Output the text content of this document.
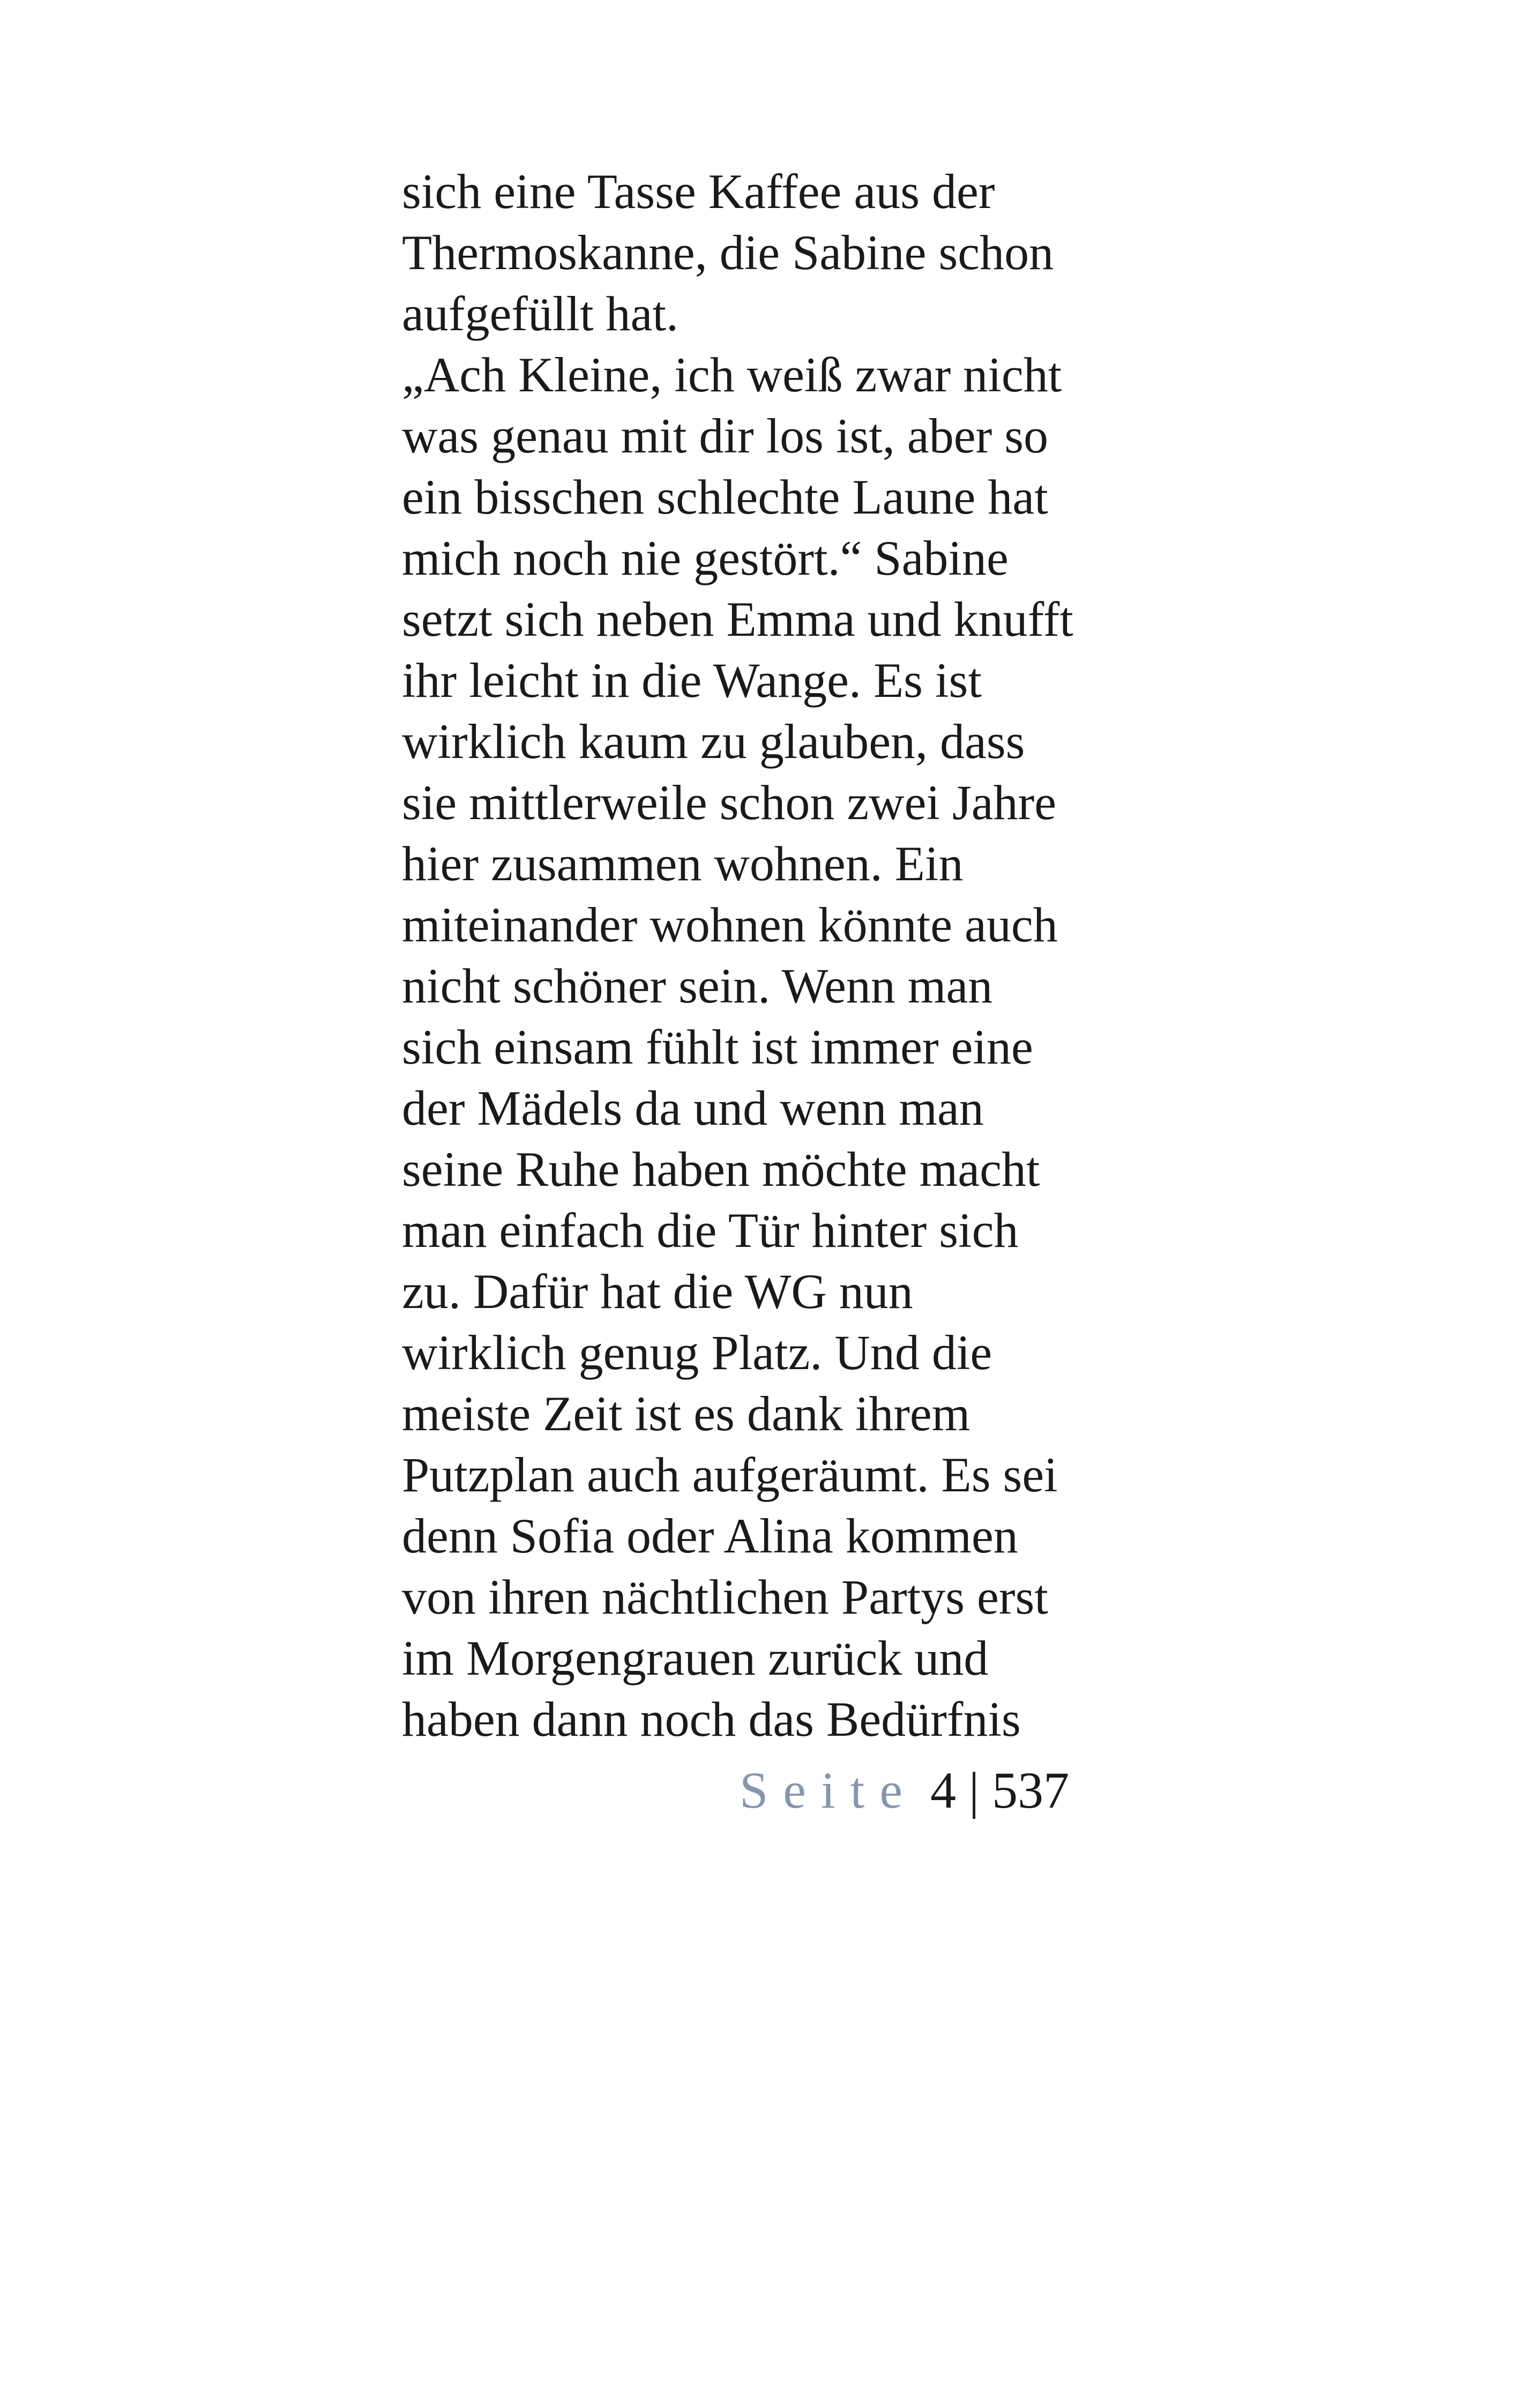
sich eine Tasse Kaffee aus der
Thermoskanne, die Sabine schon
aufgefüllt hat.
„Ach Kleine, ich weiß zwar nicht
was genau mit dir los ist, aber so
ein bisschen schlechte Laune hat
mich noch nie gestört.“ Sabine
setzt sich neben Emma und knufft
ihr leicht in die Wange. Es ist
wirklich kaum zu glauben, dass
sie mittlerweile schon zwei Jahre
hier zusammen wohnen. Ein
miteinander wohnen könnte auch
nicht schöner sein. Wenn man
sich einsam fühlt ist immer eine
der Mädels da und wenn man
seine Ruhe haben möchte macht
man einfach die Tür hinter sich
zu. Dafür hat die WG nun
wirklich genug Platz. Und die
meiste Zeit ist es dank ihrem
Putzplan auch aufgeräumt. Es sei
denn Sofia oder Alina kommen
von ihren nächtlichen Partys erst
im Morgengrauen zurück und
haben dann noch das Bedürfnis
Seite 4 | 537
